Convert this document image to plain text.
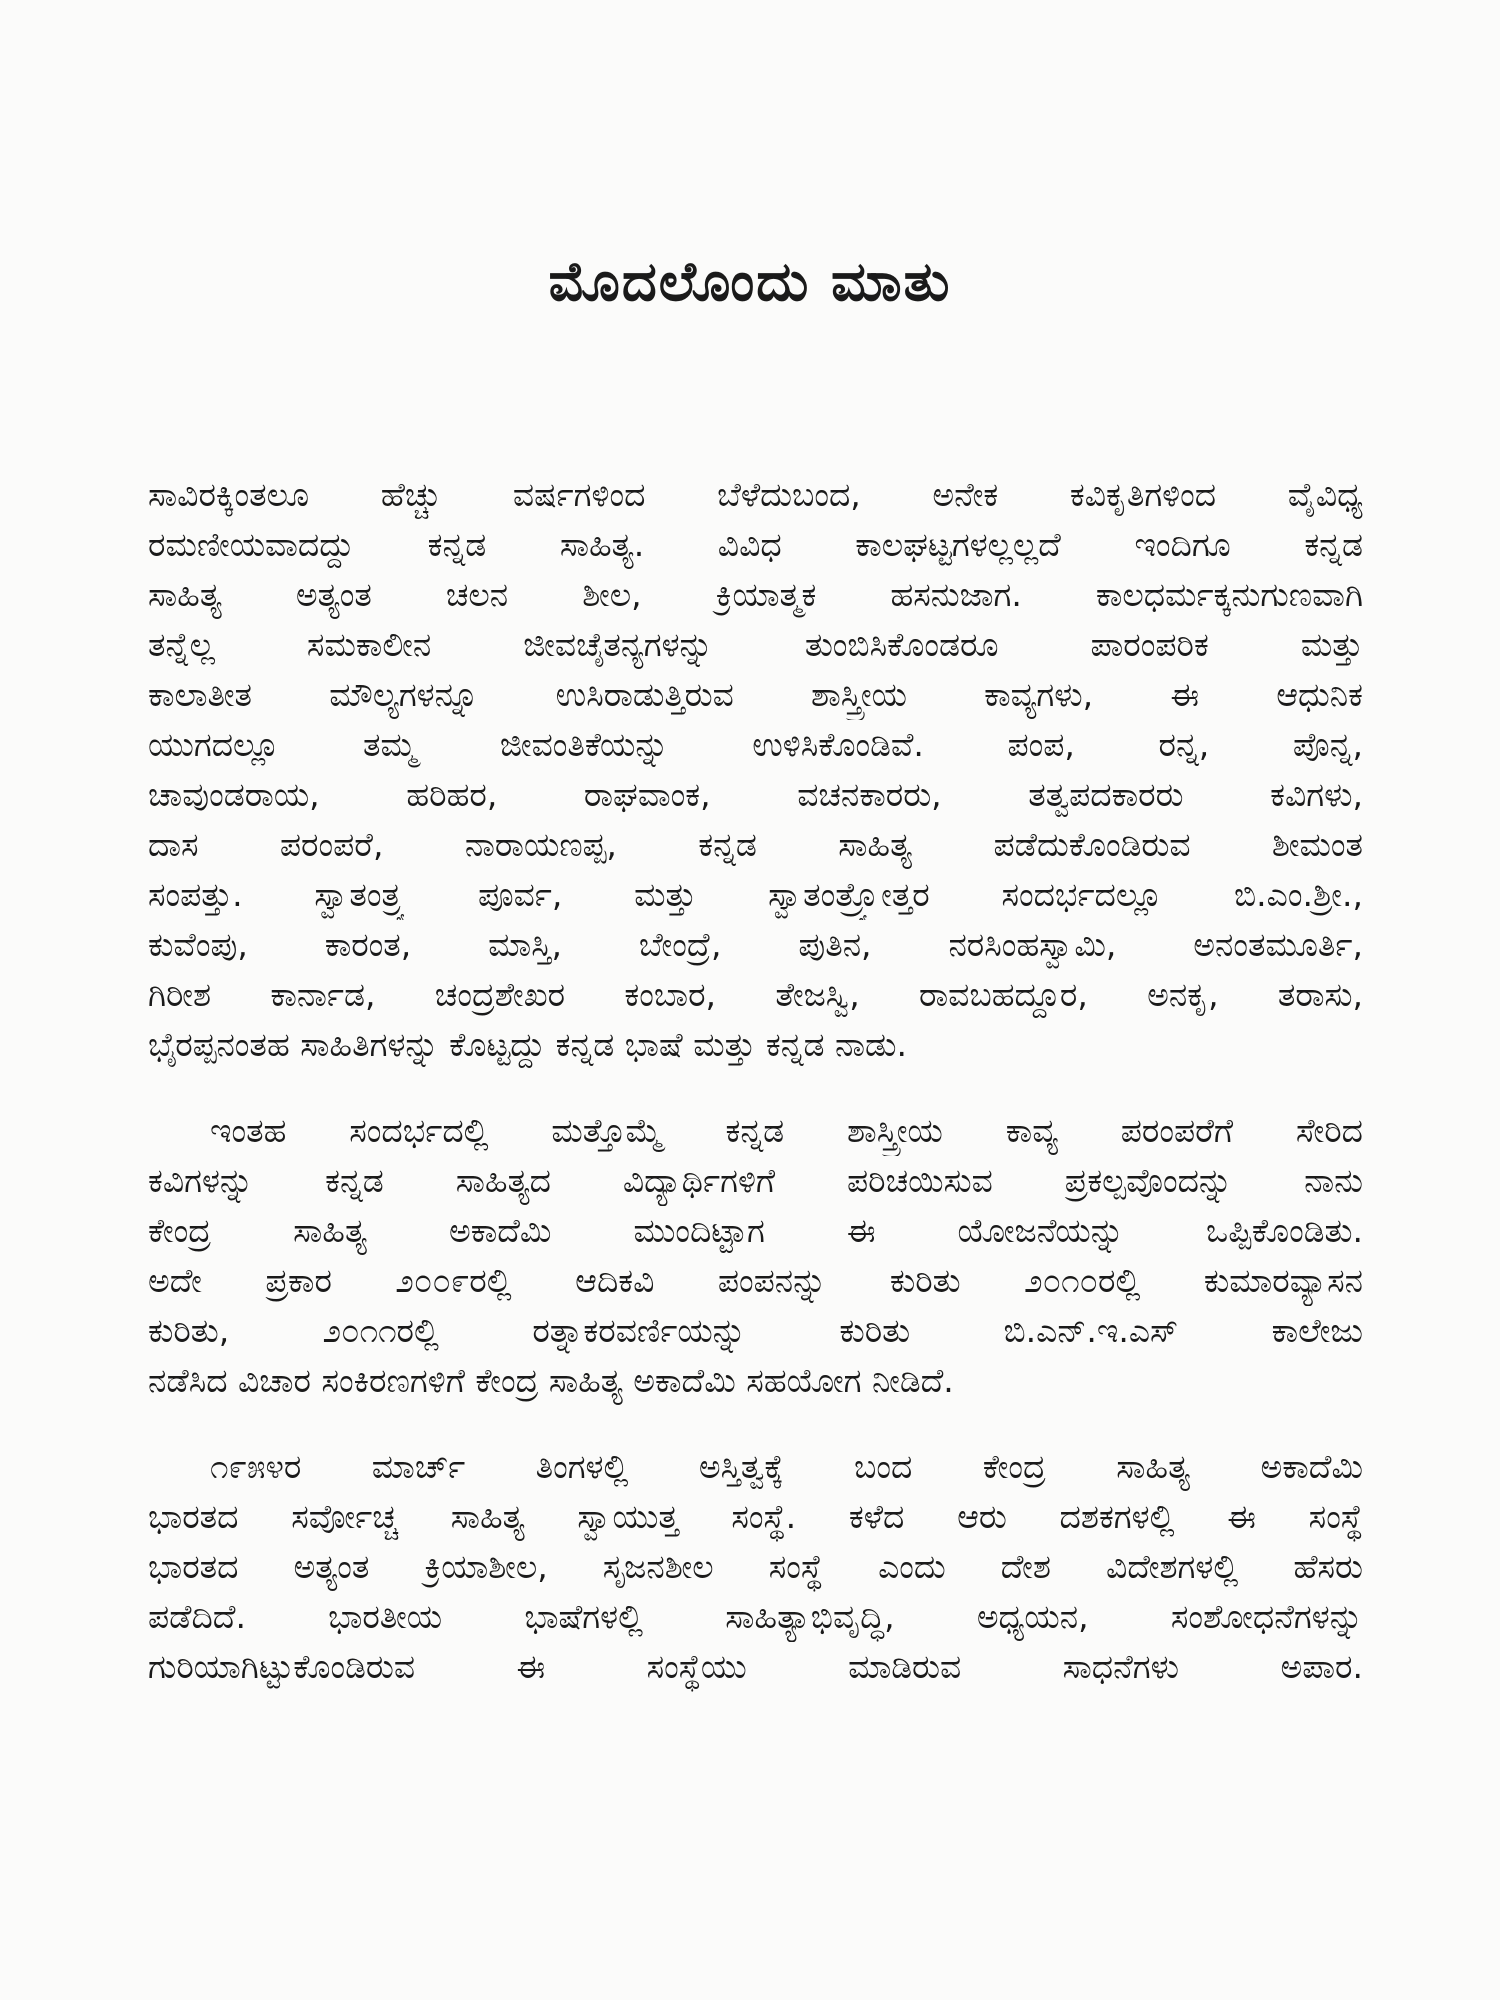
ಮೊದಲೊಂದು ಮಾತು
ಸಾವಿರಕ್ಕಿಂತಲೂ ಹೆಚ್ಚು ವರ್ಷಗಳಿಂದ ಬೆಳೆದುಬಂದ, ಅನೇಕ ಕವಿಕೃತಿಗಳಿಂದ ವೈವಿಧ್ಯ
ರಮಣೀಯವಾದದ್ದು ಕನ್ನಡ ಸಾಹಿತ್ಯ. ವಿವಿಧ ಕಾಲಘಟ್ಟಗಳಲ್ಲಲ್ಲದೆ ಇಂದಿಗೂ ಕನ್ನಡ
ಸಾಹಿತ್ಯ ಅತ್ಯಂತ ಚಲನ ಶೀಲ, ಕ್ರಿಯಾತ್ಮಕ ಹಸನುಜಾಗ. ಕಾಲಧರ್ಮಕ್ಕನುಗುಣವಾಗಿ
ತನ್ನೆಲ್ಲ ಸಮಕಾಲೀನ ಜೀವಚೈತನ್ಯಗಳನ್ನು ತುಂಬಿಸಿಕೊಂಡರೂ ಪಾರಂಪರಿಕ ಮತ್ತು
ಕಾಲಾತೀತ ಮೌಲ್ಯಗಳನ್ನೂ ಉಸಿರಾಡುತ್ತಿರುವ ಶಾಸ್ತ್ರೀಯ ಕಾವ್ಯಗಳು, ಈ ಆಧುನಿಕ
ಯುಗದಲ್ಲೂ ತಮ್ಮ ಜೀವಂತಿಕೆಯನ್ನು ಉಳಿಸಿಕೊಂಡಿವೆ. ಪಂಪ, ರನ್ನ, ಪೊನ್ನ,
ಚಾವುಂಡರಾಯ, ಹರಿಹರ, ರಾಘವಾಂಕ, ವಚನಕಾರರು, ತತ್ವಪದಕಾರರು ಕವಿಗಳು,
ದಾಸ ಪರಂಪರೆ, ನಾರಾಯಣಪ್ಪ, ಕನ್ನಡ ಸಾಹಿತ್ಯ ಪಡೆದುಕೊಂಡಿರುವ ಶೀಮಂತ
ಸಂಪತ್ತು. ಸ್ವಾತಂತ್ರ್ಯ ಪೂರ್ವ, ಮತ್ತು ಸ್ವಾತಂತ್ರ್ಯೋತ್ತರ ಸಂದರ್ಭದಲ್ಲೂ ಬಿ.ಎಂ.ಶ್ರೀ.,
ಕುವೆಂಪು, ಕಾರಂತ, ಮಾಸ್ತಿ, ಬೇಂದ್ರೆ, ಪುತಿನ, ನರಸಿಂಹಸ್ವಾಮಿ, ಅನಂತಮೂರ್ತಿ,
ಗಿರೀಶ ಕಾರ್ನಾಡ, ಚಂದ್ರಶೇಖರ ಕಂಬಾರ, ತೇಜಸ್ವಿ, ರಾವಬಹದ್ದೂರ, ಅನಕೃ, ತರಾಸು,
ಭೈರಪ್ಪನಂತಹ ಸಾಹಿತಿಗಳನ್ನು ಕೊಟ್ಟದ್ದು ಕನ್ನಡ ಭಾಷೆ ಮತ್ತು ಕನ್ನಡ ನಾಡು.
ಇಂತಹ ಸಂದರ್ಭದಲ್ಲಿ ಮತ್ತೊಮ್ಮೆ ಕನ್ನಡ ಶಾಸ್ತ್ರೀಯ ಕಾವ್ಯ ಪರಂಪರೆಗೆ ಸೇರಿದ
ಕವಿಗಳನ್ನು ಕನ್ನಡ ಸಾಹಿತ್ಯದ ವಿದ್ಯಾರ್ಥಿಗಳಿಗೆ ಪರಿಚಯಿಸುವ ಪ್ರಕಲ್ಪವೊಂದನ್ನು ನಾನು
ಕೇಂದ್ರ ಸಾಹಿತ್ಯ ಅಕಾದೆಮಿ ಮುಂದಿಟ್ಟಾಗ ಈ ಯೋಜನೆಯನ್ನು ಒಪ್ಪಿಕೊಂಡಿತು.
ಅದೇ ಪ್ರಕಾರ ೨೦೦೯ರಲ್ಲಿ ಆದಿಕವಿ ಪಂಪನನ್ನು ಕುರಿತು ೨೦೧೦ರಲ್ಲಿ ಕುಮಾರವ್ಯಾಸನ
ಕುರಿತು, ೨೦೧೧ರಲ್ಲಿ ರತ್ನಾಕರವರ್ಣಿಯನ್ನು ಕುರಿತು ಬಿ.ಎನ್.ಇ.ಎಸ್ ಕಾಲೇಜು
ನಡೆಸಿದ ವಿಚಾರ ಸಂಕಿರಣಗಳಿಗೆ ಕೇಂದ್ರ ಸಾಹಿತ್ಯ ಅಕಾದೆಮಿ ಸಹಯೋಗ ನೀಡಿದೆ.
೧೯೫೪ರ ಮಾರ್ಚ್ ತಿಂಗಳಲ್ಲಿ ಅಸ್ತಿತ್ವಕ್ಕೆ ಬಂದ ಕೇಂದ್ರ ಸಾಹಿತ್ಯ ಅಕಾದೆಮಿ
ಭಾರತದ ಸರ್ವೋಚ್ಚ ಸಾಹಿತ್ಯ ಸ್ವಾಯುತ್ತ ಸಂಸ್ಥೆ. ಕಳೆದ ಆರು ದಶಕಗಳಲ್ಲಿ ಈ ಸಂಸ್ಥೆ
ಭಾರತದ ಅತ್ಯಂತ ಕ್ರಿಯಾಶೀಲ, ಸೃಜನಶೀಲ ಸಂಸ್ಥೆ ಎಂದು ದೇಶ ವಿದೇಶಗಳಲ್ಲಿ ಹೆಸರು
ಪಡೆದಿದೆ. ಭಾರತೀಯ ಭಾಷೆಗಳಲ್ಲಿ ಸಾಹಿತ್ಯಾಭಿವೃದ್ಧಿ, ಅಧ್ಯಯನ, ಸಂಶೋಧನೆಗಳನ್ನು
ಗುರಿಯಾಗಿಟ್ಟುಕೊಂಡಿರುವ ಈ ಸಂಸ್ಥೆಯು ಮಾಡಿರುವ ಸಾಧನೆಗಳು ಅಪಾರ.
